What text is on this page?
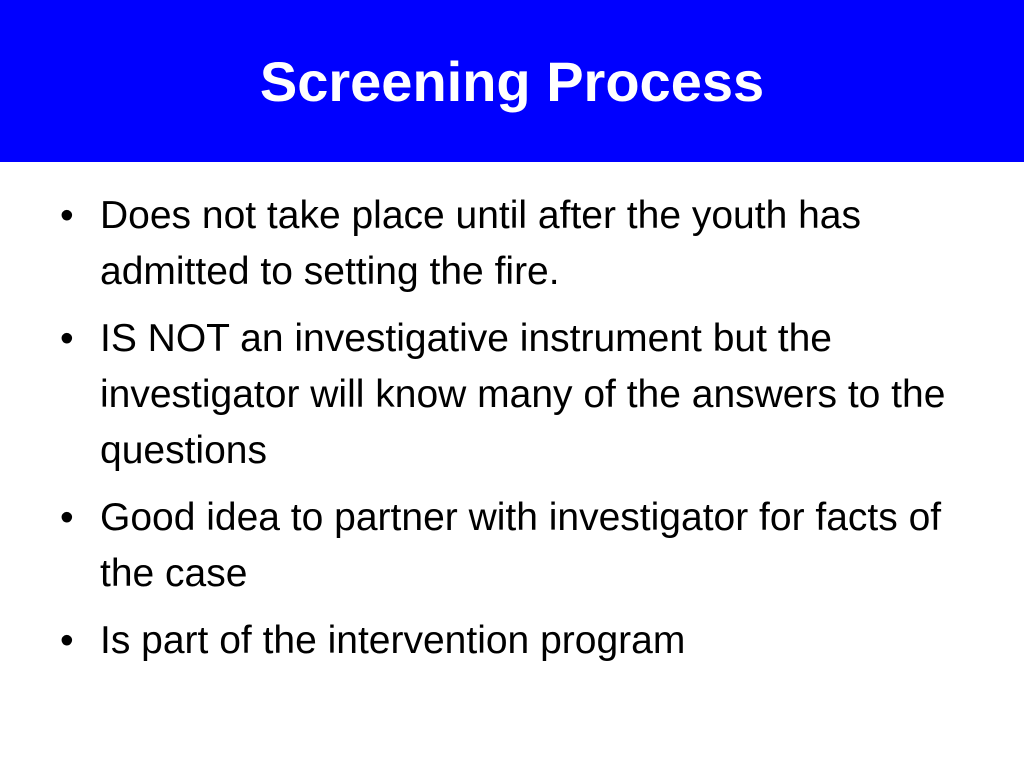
Screening Process
• Does not take place until after the youth has admitted to setting the fire.
• IS NOT an investigative instrument but the investigator will know many of the answers to the questions
• Good idea to partner with investigator for facts of the case
• Is part of the intervention program
